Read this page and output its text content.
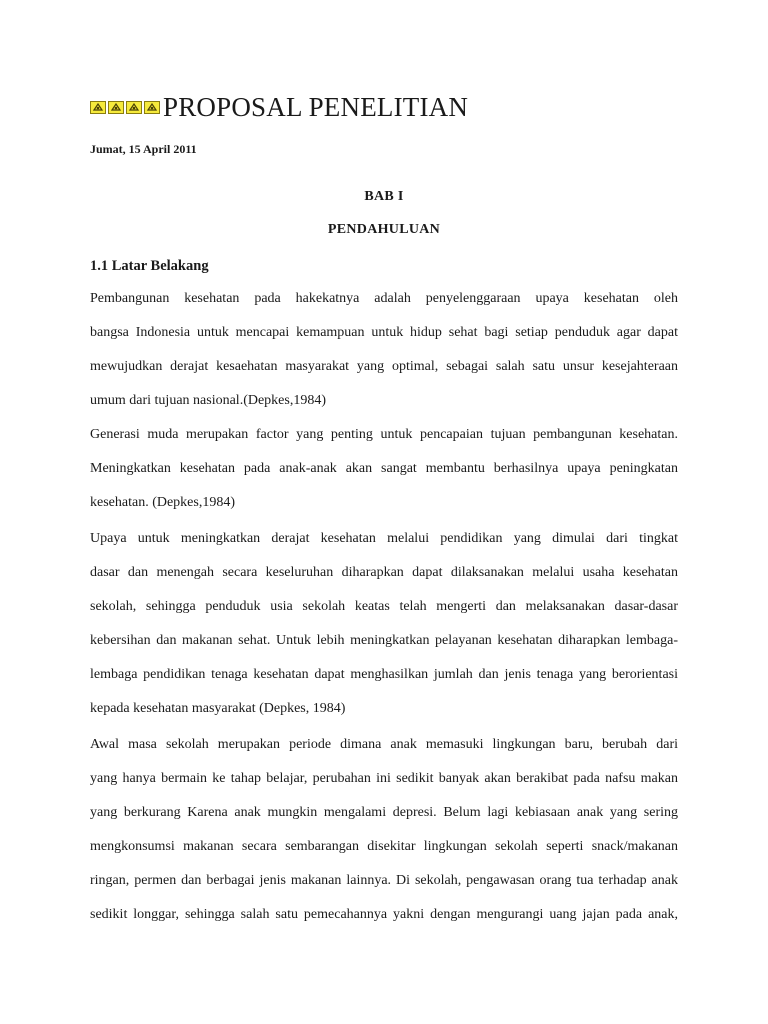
PROPOSAL PENELITIAN
Jumat, 15 April 2011
BAB I
PENDAHULUAN
1.1 Latar Belakang
Pembangunan kesehatan pada hakekatnya adalah penyelenggaraan upaya kesehatan oleh
bangsa Indonesia untuk mencapai kemampuan untuk hidup sehat bagi setiap penduduk agar dapat
mewujudkan derajat kesaehatan masyarakat yang optimal, sebagai salah satu unsur kesejahteraan
umum dari tujuan nasional.(Depkes,1984)
Generasi muda merupakan factor yang penting untuk pencapaian tujuan pembangunan kesehatan.
Meningkatkan kesehatan pada anak-anak akan sangat membantu berhasilnya upaya peningkatan
kesehatan. (Depkes,1984)
Upaya untuk meningkatkan derajat kesehatan melalui pendidikan yang dimulai dari tingkat
dasar dan menengah secara keseluruhan diharapkan dapat dilaksanakan melalui usaha kesehatan
sekolah, sehingga penduduk usia sekolah keatas telah mengerti dan melaksanakan dasar-dasar
kebersihan dan makanan sehat. Untuk lebih meningkatkan pelayanan kesehatan diharapkan lembaga-
lembaga pendidikan tenaga kesehatan dapat menghasilkan jumlah dan jenis tenaga yang berorientasi
kepada kesehatan masyarakat (Depkes, 1984)
Awal masa sekolah merupakan periode dimana anak memasuki lingkungan baru, berubah dari
yang hanya bermain ke tahap belajar, perubahan ini sedikit banyak akan berakibat pada nafsu makan
yang berkurang Karena anak mungkin mengalami depresi. Belum lagi kebiasaan anak yang sering
mengkonsumsi makanan secara sembarangan disekitar lingkungan sekolah seperti snack/makanan
ringan, permen dan berbagai jenis makanan lainnya. Di sekolah, pengawasan orang tua terhadap anak
sedikit longgar, sehingga salah satu pemecahannya yakni dengan mengurangi uang jajan pada anak,
